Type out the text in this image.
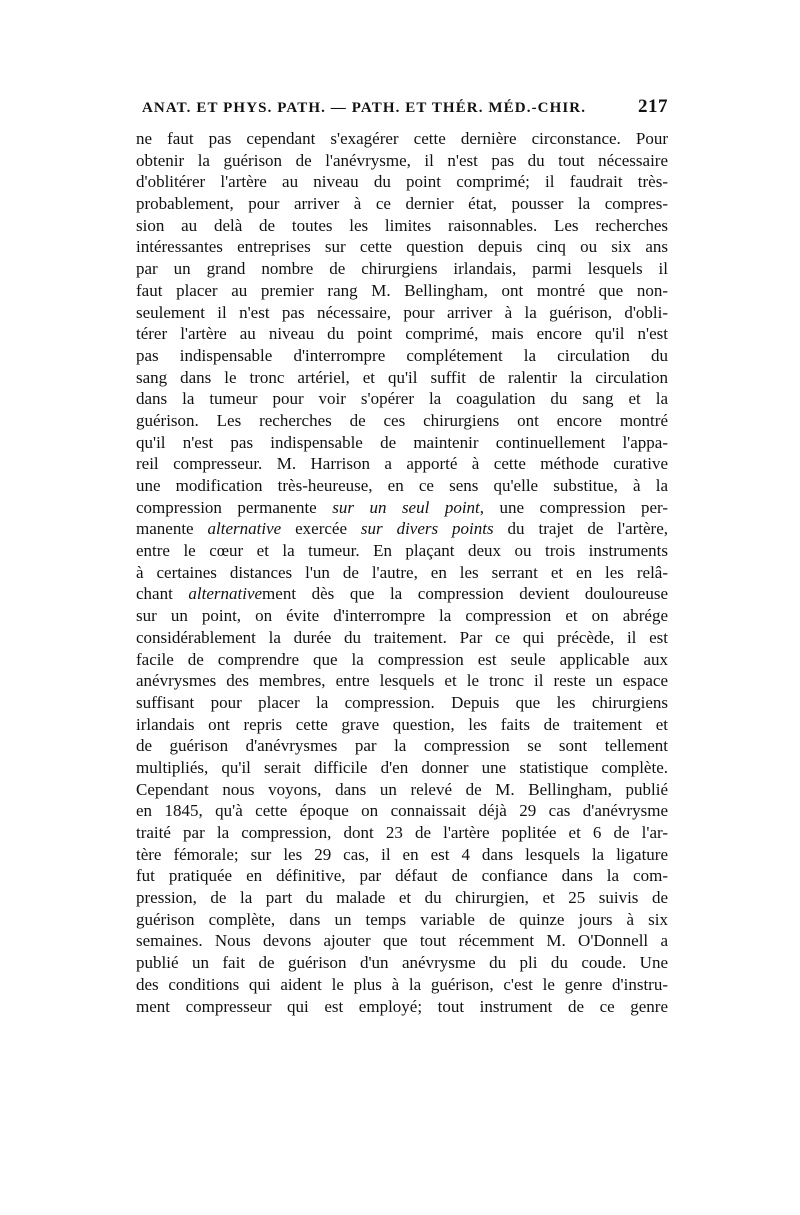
ANAT. ET PHYS. PATH. — PATH. ET THÉR. MÉD.-CHIR.	217
ne faut pas cependant s'exagérer cette dernière circonstance. Pour
obtenir la guérison de l'anévrysme, il n'est pas du tout nécessaire
d'oblitérer l'artère au niveau du point comprimé; il faudrait très-
probablement, pour arriver à ce dernier état, pousser la compres-
sion au delà de toutes les limites raisonnables. Les recherches
intéressantes entreprises sur cette question depuis cinq ou six ans
par un grand nombre de chirurgiens irlandais, parmi lesquels il
faut placer au premier rang M. Bellingham, ont montré que non-
seulement il n'est pas nécessaire, pour arriver à la guérison, d'obli-
térer l'artère au niveau du point comprimé, mais encore qu'il n'est
pas indispensable d'interrompre complétement la circulation du
sang dans le tronc artériel, et qu'il suffit de ralentir la circulation
dans la tumeur pour voir s'opérer la coagulation du sang et la
guérison. Les recherches de ces chirurgiens ont encore montré
qu'il n'est pas indispensable de maintenir continuellement l'appa-
reil compresseur. M. Harrison a apporté à cette méthode curative
une modification très-heureuse, en ce sens qu'elle substitue, à la
compression permanente sur un seul point, une compression per-
manente alternative exercée sur divers points du trajet de l'artère,
entre le cœur et la tumeur. En plaçant deux ou trois instruments
à certaines distances l'un de l'autre, en les serrant et en les relâ-
chant alternativement dès que la compression devient douloureuse
sur un point, on évite d'interrompre la compression et on abrége
considérablement la durée du traitement. Par ce qui précède, il est
facile de comprendre que la compression est seule applicable aux
anévrysmes des membres, entre lesquels et le tronc il reste un espace
suffisant pour placer la compression. Depuis que les chirurgiens
irlandais ont repris cette grave question, les faits de traitement et
de guérison d'anévrysmes par la compression se sont tellement
multipliés, qu'il serait difficile d'en donner une statistique complète.
Cependant nous voyons, dans un relevé de M. Bellingham, publié
en 1845, qu'à cette époque on connaissait déjà 29 cas d'anévrysme
traité par la compression, dont 23 de l'artère poplitée et 6 de l'ar-
tère fémorale; sur les 29 cas, il en est 4 dans lesquels la ligature
fut pratiquée en définitive, par défaut de confiance dans la com-
pression, de la part du malade et du chirurgien, et 25 suivis de
guérison complète, dans un temps variable de quinze jours à six
semaines. Nous devons ajouter que tout récemment M. O'Donnell a
publié un fait de guérison d'un anévrysme du pli du coude. Une
des conditions qui aident le plus à la guérison, c'est le genre d'instru-
ment compresseur qui est employé; tout instrument de ce genre
